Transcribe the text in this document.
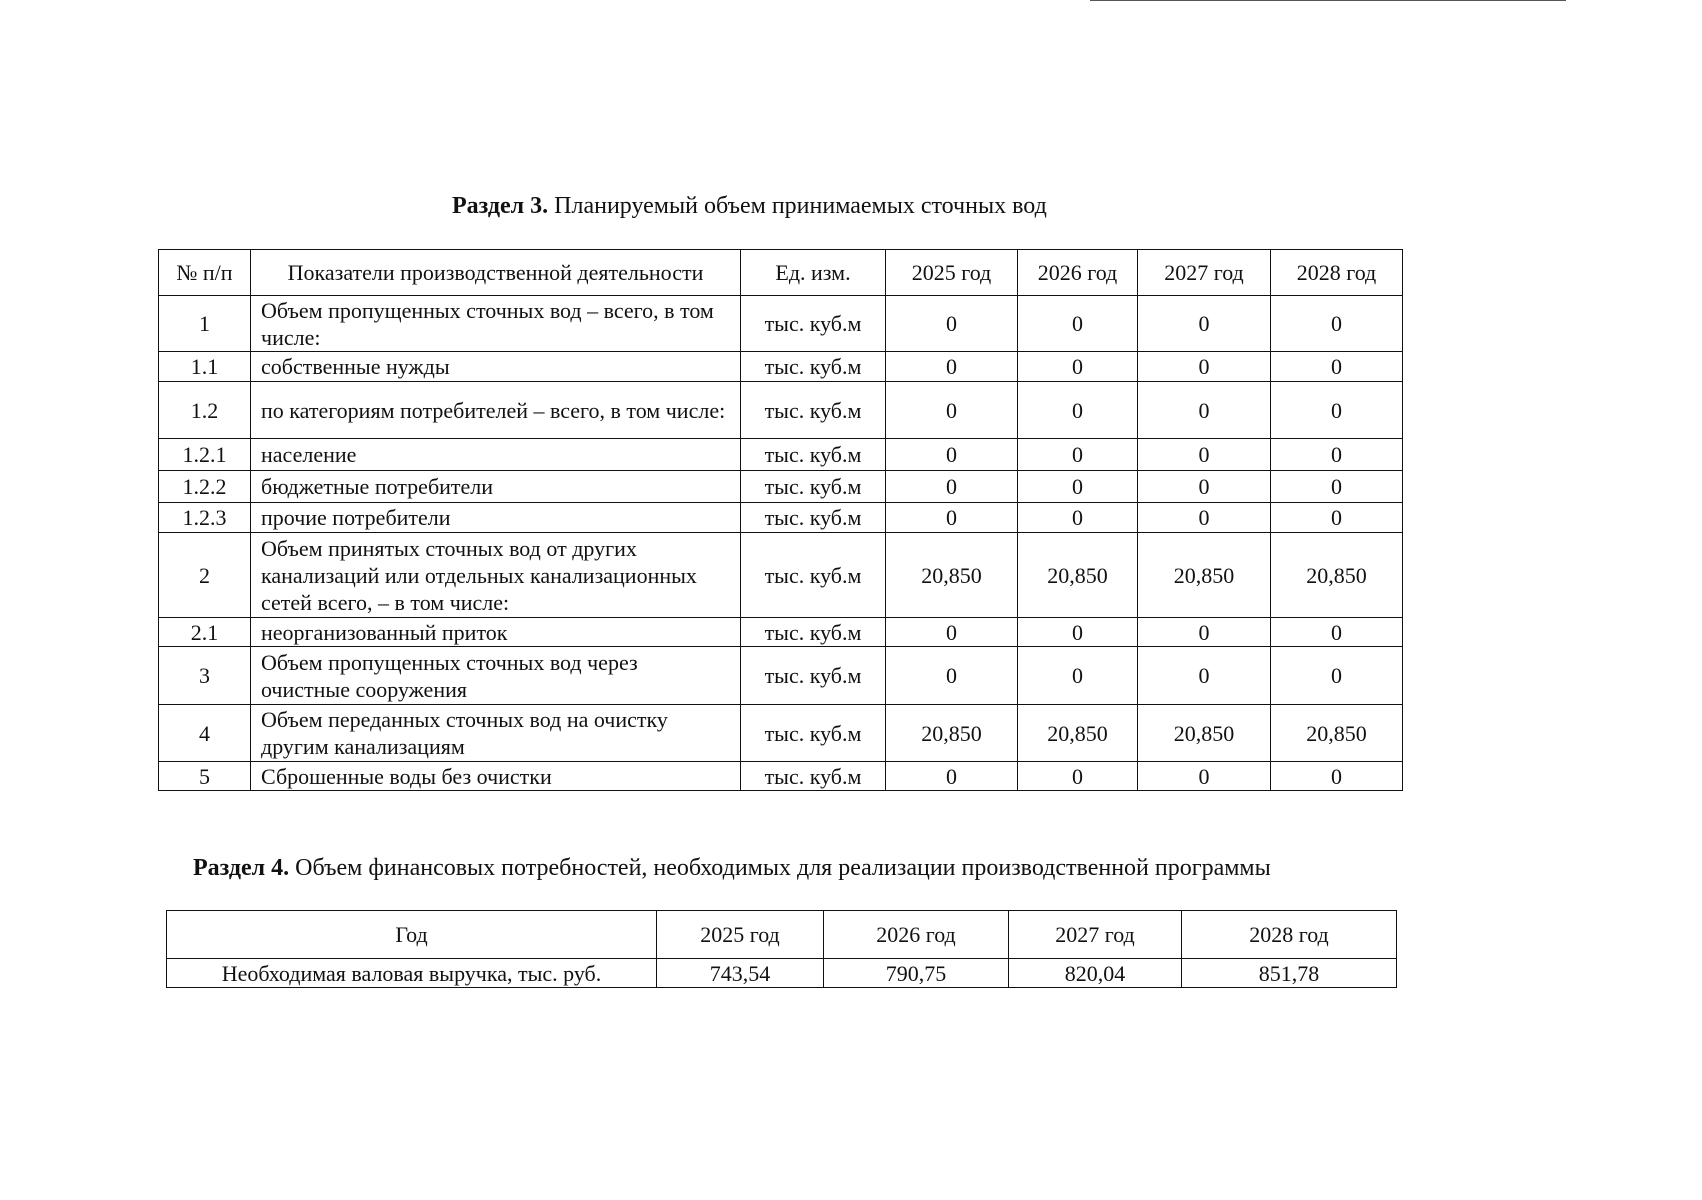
Раздел 3. Планируемый объем принимаемых сточных вод
№ п/п	Показатели производственной деятельности	Ед. изм.	2025 год	2026 год	2027 год	2028 год
1	Объем пропущенных сточных вод – всего, в том числе:	тыс. куб.м	0	0	0	0
1.1	собственные нужды	тыс. куб.м	0	0	0	0
1.2	по категориям потребителей – всего, в том числе:	тыс. куб.м	0	0	0	0
1.2.1	население	тыс. куб.м	0	0	0	0
1.2.2	бюджетные потребители	тыс. куб.м	0	0	0	0
1.2.3	прочие потребители	тыс. куб.м	0	0	0	0
2	Объем принятых сточных вод от других канализаций или отдельных канализационных сетей всего, – в том числе:	тыс. куб.м	20,850	20,850	20,850	20,850
2.1	неорганизованный приток	тыс. куб.м	0	0	0	0
3	Объем пропущенных сточных вод через очистные сооружения	тыс. куб.м	0	0	0	0
4	Объем переданных сточных вод на очистку другим канализациям	тыс. куб.м	20,850	20,850	20,850	20,850
5	Сброшенные воды без очистки	тыс. куб.м	0	0	0	0
Раздел 4. Объем финансовых потребностей, необходимых для реализации производственной программы
Год	2025 год	2026 год	2027 год	2028 год
Необходимая валовая выручка, тыс. руб.	743,54	790,75	820,04	851,78
